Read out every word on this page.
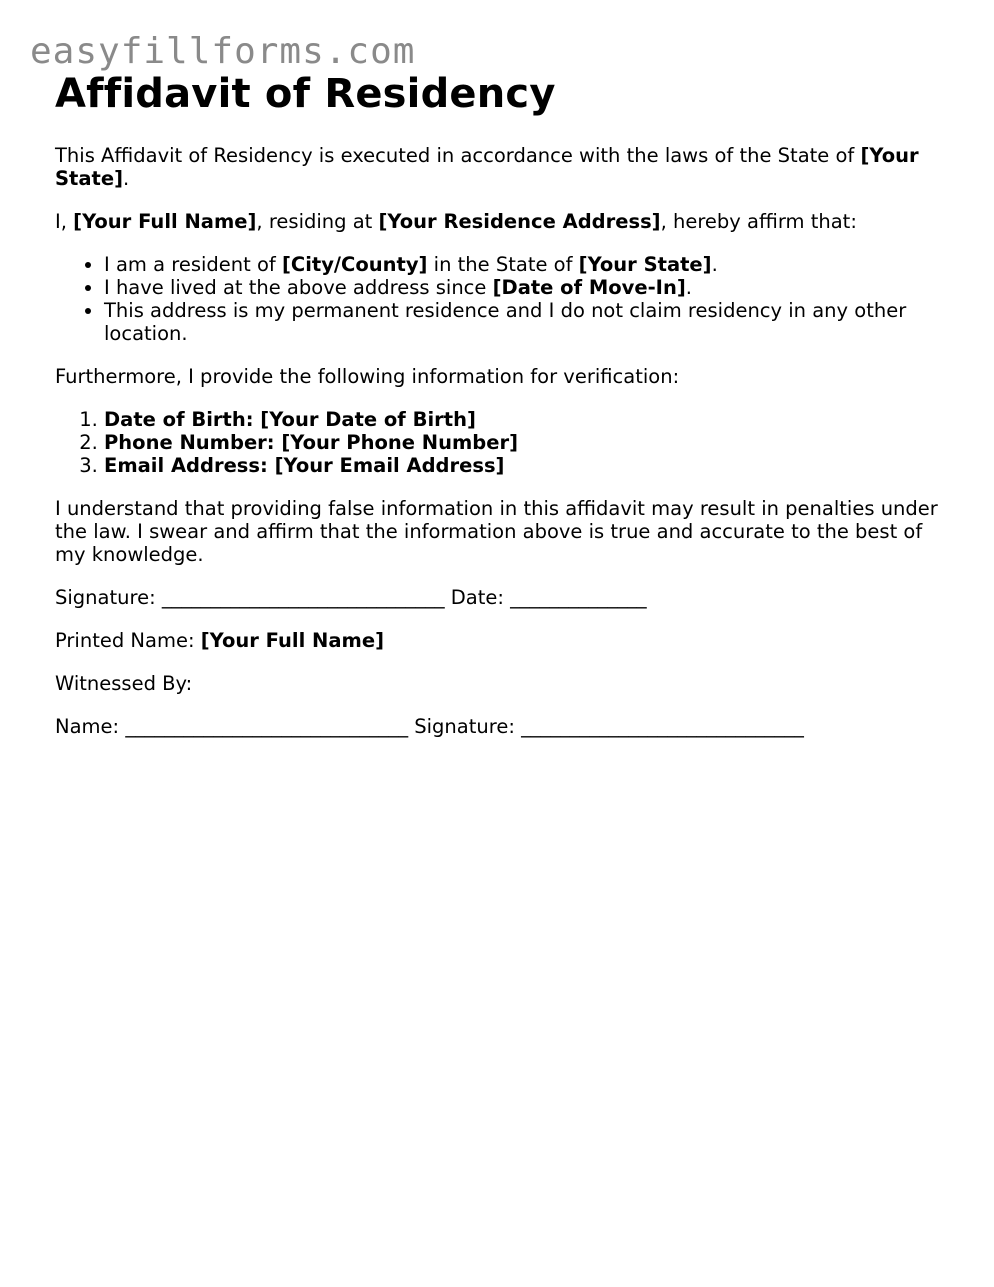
easyfillforms.com
Affidavit of Residency

This Affidavit of Residency is executed in accordance with the laws of the State of [Your State].

I, [Your Full Name], residing at [Your Residence Address], hereby affirm that:

• I am a resident of [City/County] in the State of [Your State].
• I have lived at the above address since [Date of Move-In].
• This address is my permanent residence and I do not claim residency in any other location.

Furthermore, I provide the following information for verification:

1. Date of Birth: [Your Date of Birth]
2. Phone Number: [Your Phone Number]
3. Email Address: [Your Email Address]

I understand that providing false information in this affidavit may result in penalties under the law. I swear and affirm that the information above is true and accurate to the best of my knowledge.

Signature: _____________________________ Date: ______________

Printed Name: [Your Full Name]

Witnessed By:

Name: _____________________________ Signature: _____________________________
